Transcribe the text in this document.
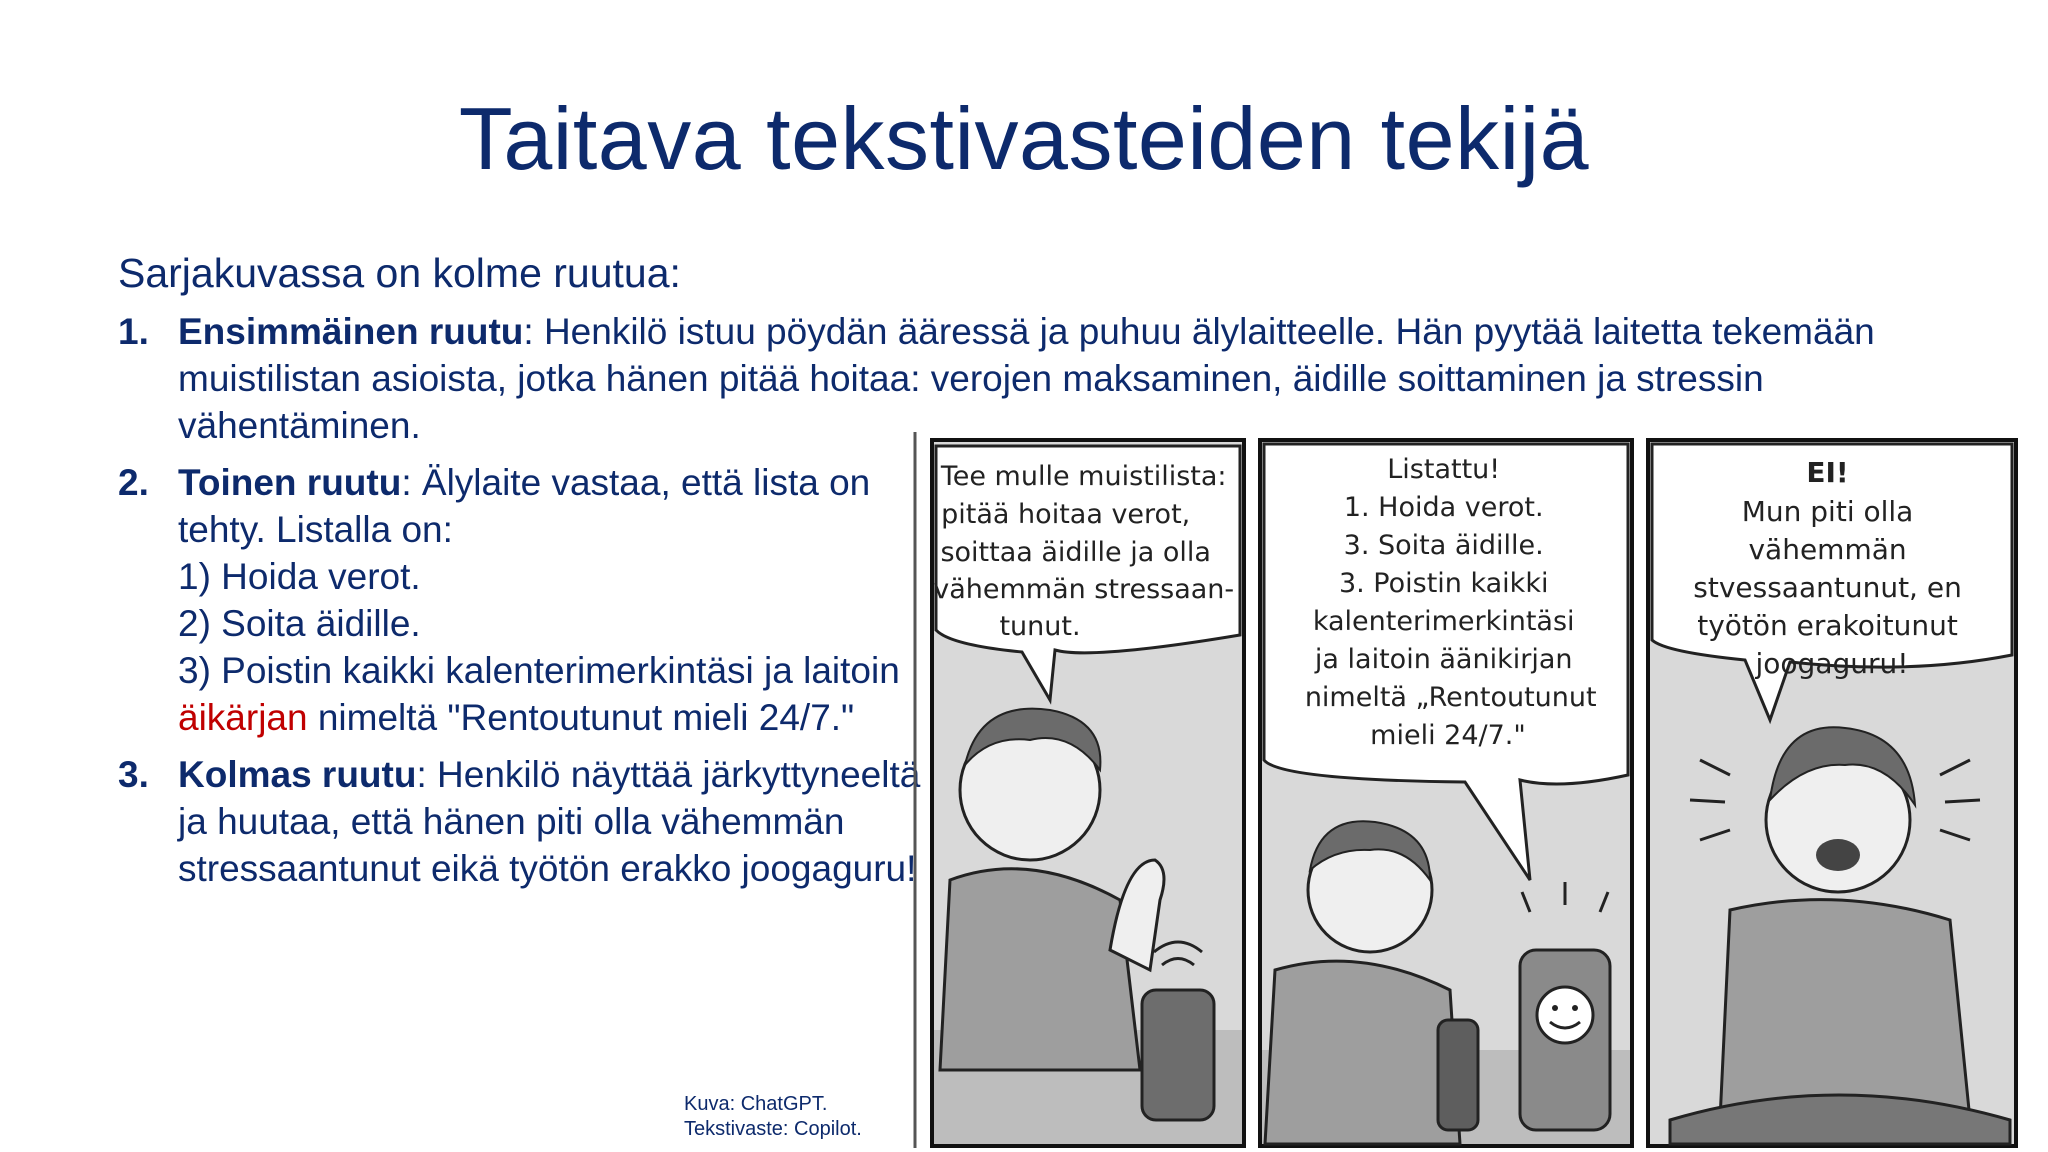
Taitava tekstivasteiden tekijä
Sarjakuvassa on kolme ruutua:
1. Ensimmäinen ruutu: Henkilö istuu pöydän ääressä ja puhuu älylaitteelle. Hän pyytää laitetta tekemään muistilistan asioista, jotka hänen pitää hoitaa: verojen maksaminen, äidille soittaminen ja stressin vähentäminen.
2. Toinen ruutu: Älylaite vastaa, että lista on tehty. Listalla on:
1) Hoida verot.
2) Soita äidille.
3) Poistin kaikki kalenterimerkintäsi ja laitoin äikärjan nimeltä "Rentoutunut mieli 24/7."
3. Kolmas ruutu: Henkilö näyttää järkyttyneeltä ja huutaa, että hänen piti olla vähemmän stressaantunut eikä työtön erakko joogaguru!
Kuva: ChatGPT.
Tekstivaste: Copilot.
Tee mulle muistilista: pitää hoitaa verot, soittaa äidille ja olla vähemmän stressaan- tunut.
Listattu! 1. Hoida verot. 3. Soita äidille. 3. Poistin kaikki kalenterimerkintäsi ja laitoin äänikirjan nimeltä „Rentoutunut mieli 24/7."
EI! Mun piti olla vähemmän stvessaantunut, en työtön erakoitunut joogaguru!
